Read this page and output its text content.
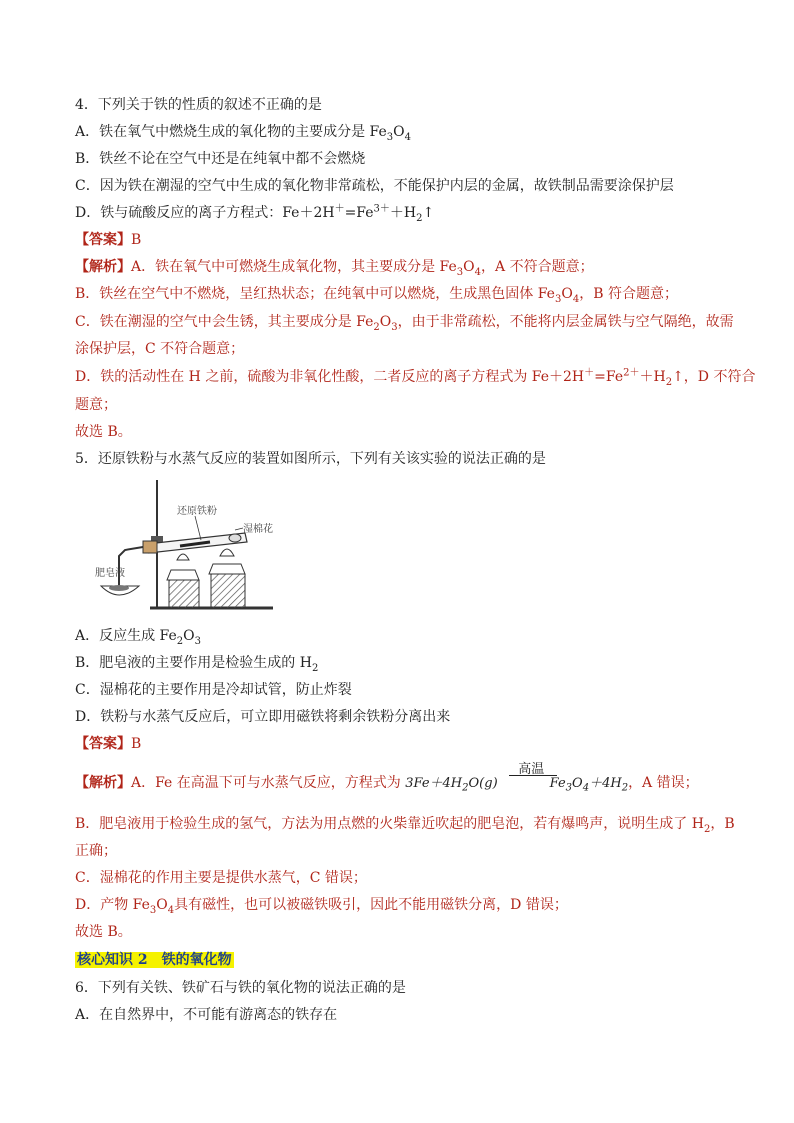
4．下列关于铁的性质的叙述不正确的是
A．铁在氧气中燃烧生成的氧化物的主要成分是 $Fe_3O_4$
B．铁丝不论在空气中还是在纯氧中都不会燃烧
C．因为铁在潮湿的空气中生成的氧化物非常疏松，不能保护内层的金属，故铁制品需要涂保护层
D．铁与硫酸反应的离子方程式：$Fe+2H^+=Fe^{3+}+H_2↑$
【答案】B
【解析】A．铁在氧气中可燃烧生成氧化物，其主要成分是 $Fe_3O_4$，A 不符合题意；
B．铁丝在空气中不燃烧，呈红热状态；在纯氧中可以燃烧，生成黑色固体 $Fe_3O_4$，B 符合题意；
C．铁在潮湿的空气中会生锈，其主要成分是 $Fe_2O_3$，由于非常疏松，不能将内层金属铁与空气隔绝，故需
涂保护层，C 不符合题意；
D．铁的活动性在 H 之前，硫酸为非氧化性酸，二者反应的离子方程式为 $Fe+2H^+=Fe^{2+}+H_2↑$，D 不符合
题意；
故选 B。
5．还原铁粉与水蒸气反应的装置如图所示，下列有关该实验的说法正确的是
还原铁粉
湿棉花
肥皂液
A．反应生成 $Fe_2O_3$
B．肥皂液的主要作用是检验生成的 $H_2$
C．湿棉花的主要作用是冷却试管，防止炸裂
D．铁粉与水蒸气反应后，可立即用磁铁将剩余铁粉分离出来
【答案】B
【解析】A．Fe 在高温下可与水蒸气反应，方程式为 $3Fe+4H_2O(g)$	$Fe_3O_4+4H_2$
高温
，A 错误；
B．肥皂液用于检验生成的氢气，方法为用点燃的火柴靠近吹起的肥皂泡，若有爆鸣声，说明生成了 $H_2$，B
正确；
C．湿棉花的作用主要是提供水蒸气，C 错误；
D．产物 $Fe_3O_4$具有磁性，也可以被磁铁吸引，因此不能用磁铁分离，D 错误；
故选 B。
核心知识 2　铁的氧化物
6．下列有关铁、铁矿石与铁的氧化物的说法正确的是
A．在自然界中，不可能有游离态的铁存在
